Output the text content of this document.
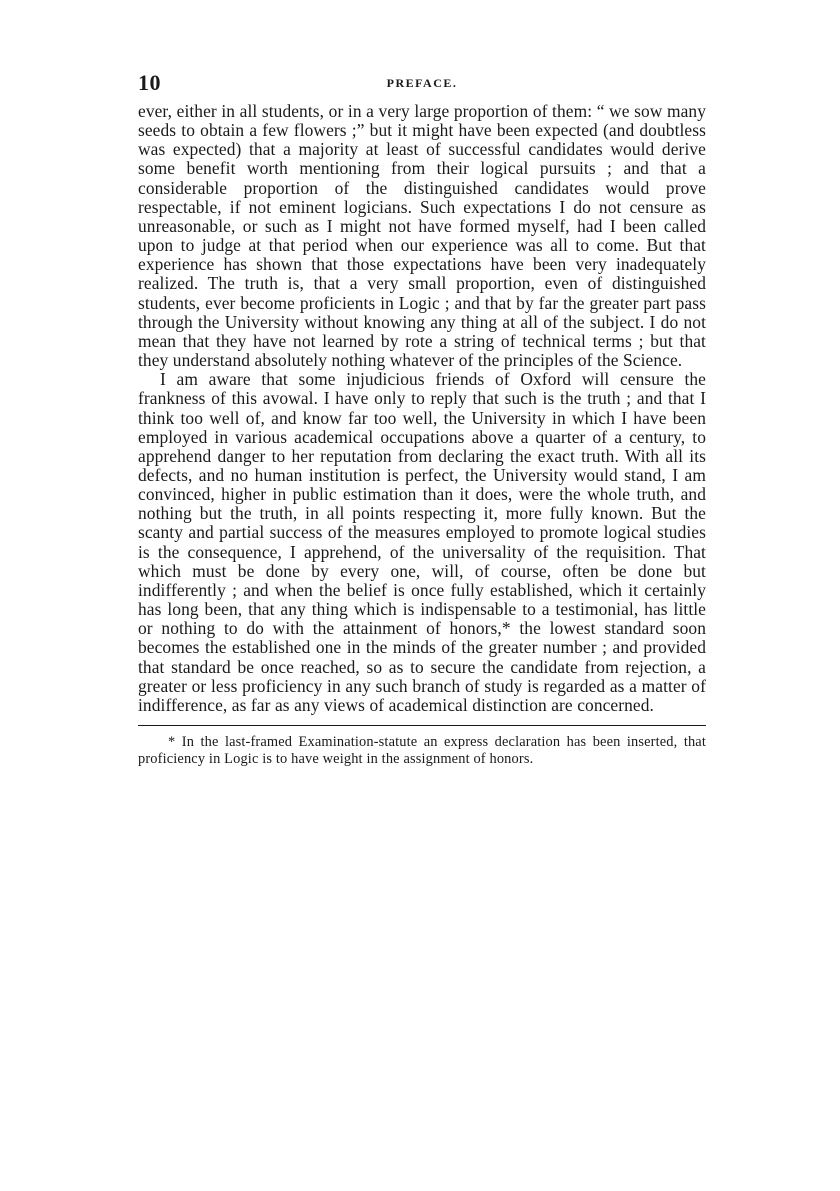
10	PREFACE.

ever, either in all students, or in a very large proportion of them: “ we sow many seeds to obtain a few flowers ;” but it might have been expected (and doubtless was expected) that a majority at least of successful candidates would derive some benefit worth mentioning from their logical pursuits ; and that a considerable proportion of the distinguished candidates would prove respectable, if not eminent logicians. Such expectations I do not censure as unreasonable, or such as I might not have formed myself, had I been called upon to judge at that period when our experience was all to come. But that experience has shown that those expectations have been very inadequately realized. The truth is, that a very small proportion, even of distinguished students, ever become proficients in Logic ; and that by far the greater part pass through the University without knowing any thing at all of the subject. I do not mean that they have not learned by rote a string of technical terms ; but that they understand absolutely nothing whatever of the principles of the Science.

I am aware that some injudicious friends of Oxford will censure the frankness of this avowal. I have only to reply that such is the truth ; and that I think too well of, and know far too well, the University in which I have been employed in various academical occupations above a quarter of a century, to apprehend danger to her reputation from declaring the exact truth. With all its defects, and no human institution is perfect, the University would stand, I am convinced, higher in public estimation than it does, were the whole truth, and nothing but the truth, in all points respecting it, more fully known. But the scanty and partial success of the measures employed to promote logical studies is the consequence, I apprehend, of the universality of the requisition. That which must be done by every one, will, of course, often be done but indifferently ; and when the belief is once fully established, which it certainly has long been, that any thing which is indispensable to a testimonial, has little or nothing to do with the attainment of honors,* the lowest standard soon becomes the established one in the minds of the greater number ; and provided that standard be once reached, so as to secure the candidate from rejection, a greater or less proficiency in any such branch of study is regarded as a matter of indifference, as far as any views of academical distinction are concerned.

* In the last-framed Examination-statute an express declaration has been inserted, that proficiency in Logic is to have weight in the assignment of honors.
